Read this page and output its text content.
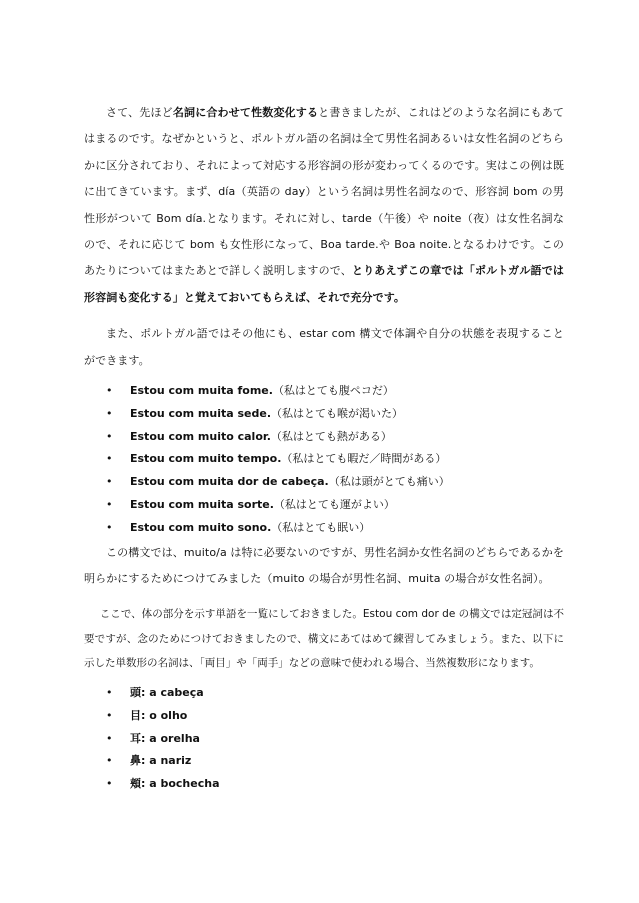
さて、先ほど名詞に合わせて性数変化すると書きましたが、これはどのような名詞にもあてはまるのです。なぜかというと、ポルトガル語の名詞は全て男性名詞あるいは女性名詞のどちらかに区分されており、それによって対応する形容詞の形が変わってくるのです。実はこの例は既に出てきています。まず、día（英語の day）という名詞は男性名詞なので、形容詞 bom の男性形がついて Bom día.となります。それに対し、tarde（午後）や noite（夜）は女性名詞なので、それに応じて bom も女性形になって、Boa tarde.や Boa noite.となるわけです。このあたりについてはまたあとで詳しく説明しますので、とりあえずこの章では「ポルトガル語では形容詞も変化する」と覚えておいてもらえば、それで充分です。

また、ポルトガル語ではその他にも、estar com 構文で体調や自分の状態を表現することができます。

• Estou com muita fome.（私はとても腹ペコだ）
• Estou com muita sede.（私はとても喉が渇いた）
• Estou com muito calor.（私はとても熱がある）
• Estou com muito tempo.（私はとても暇だ／時間がある）
• Estou com muita dor de cabeça.（私は頭がとても痛い）
• Estou com muita sorte.（私はとても運がよい）
• Estou com muito sono.（私はとても眠い）

この構文では、muito/a は特に必要ないのですが、男性名詞か女性名詞のどちらであるかを明らかにするためにつけてみました（muito の場合が男性名詞、muita の場合が女性名詞）。

ここで、体の部分を示す単語を一覧にしておきました。Estou com dor de の構文では定冠詞は不要ですが、念のためにつけておきましたので、構文にあてはめて練習してみましょう。また、以下に示した単数形の名詞は、「両目」や「両手」などの意味で使われる場合、当然複数形になります。

• 頭: a cabeça
• 目: o olho
• 耳: a orelha
• 鼻: a nariz
• 頬: a bochecha
